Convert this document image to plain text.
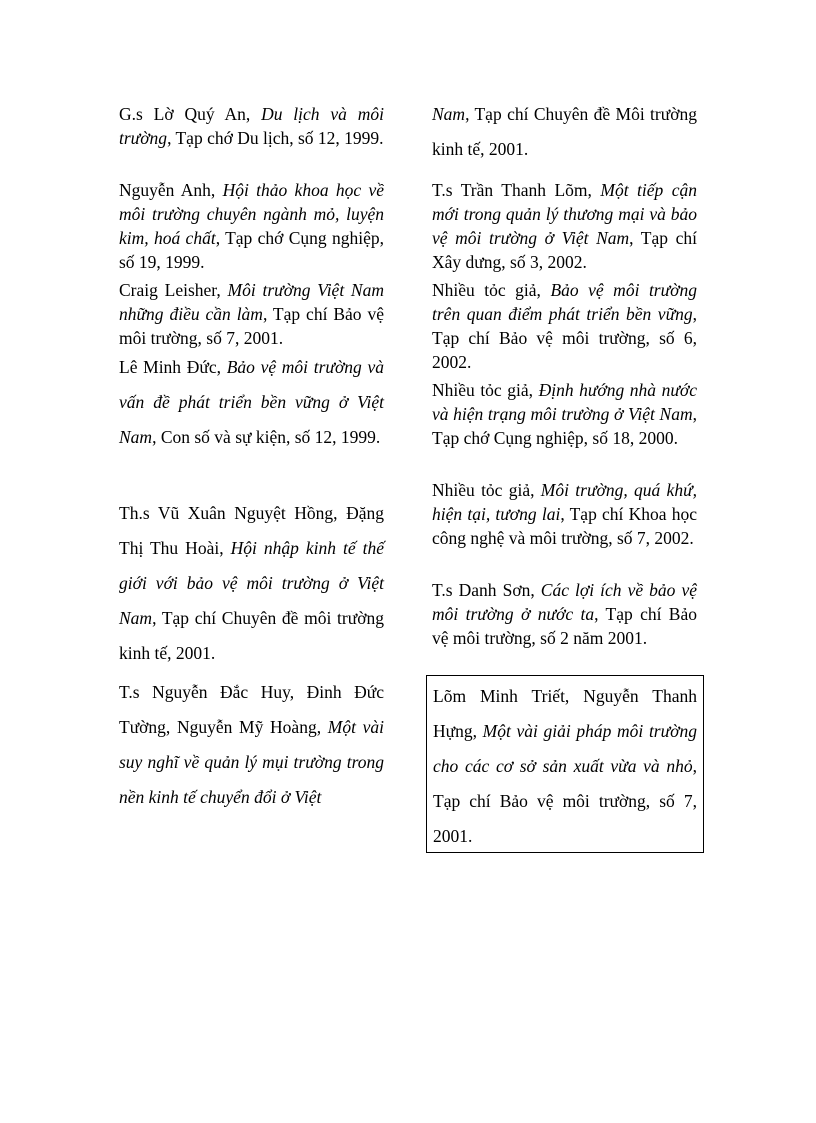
G.s Lờ Quý An, Du lịch và môi trường, Tạp chớ Du lịch, số 12, 1999.

Nguyễn Anh, Hội thảo khoa học về môi trường chuyên ngành mỏ, luyện kim, hoá chất, Tạp chớ Cụng nghiệp, số 19, 1999.

Craig Leisher, Môi trường Việt Nam những điều cần làm, Tạp chí Bảo vệ môi trường, số 7, 2001.

Lê Minh Đức, Bảo vệ môi trường và vấn đề phát triển bền vững ở Việt Nam, Con số và sự kiện, số 12, 1999.

Th.s Vũ Xuân Nguyệt Hồng, Đặng Thị Thu Hoài, Hội nhập kinh tế thế giới với bảo vệ môi trường ở Việt Nam, Tạp chí Chuyên đề môi trường kinh tế, 2001.

T.s Nguyễn Đắc Huy, Đinh Đức Tường, Nguyễn Mỹ Hoàng, Một vài suy nghĩ về quản lý mụi trường trong nền kinh tế chuyển đổi ở Việt

Nam, Tạp chí Chuyên đề Môi trường kinh tế, 2001.

T.s Trần Thanh Lõm, Một tiếp cận mới trong quản lý thương mại và bảo vệ môi trường ở Việt Nam, Tạp chí Xây dưng, số 3, 2002.

Nhiều tỏc giả, Bảo vệ môi trường trên quan điểm phát triển bền vững, Tạp chí Bảo vệ môi trường, số 6, 2002.

Nhiều tỏc giả, Định hướng nhà nước và hiện trạng môi trường ở Việt Nam, Tạp chớ Cụng nghiệp, số 18, 2000.

Nhiều tỏc giả, Môi trường, quá khứ, hiện tại, tương lai, Tạp chí Khoa học công nghệ và môi trường, số 7, 2002.

T.s Danh Sơn, Các lợi ích về bảo vệ môi trường ở nước ta, Tạp chí Bảo vệ môi trường, số 2 năm 2001.

Lõm Minh Triết, Nguyễn Thanh Hựng, Một vài giải pháp môi trường cho các cơ sở sản xuất vừa và nhỏ, Tạp chí Bảo vệ môi trường, số 7, 2001.
